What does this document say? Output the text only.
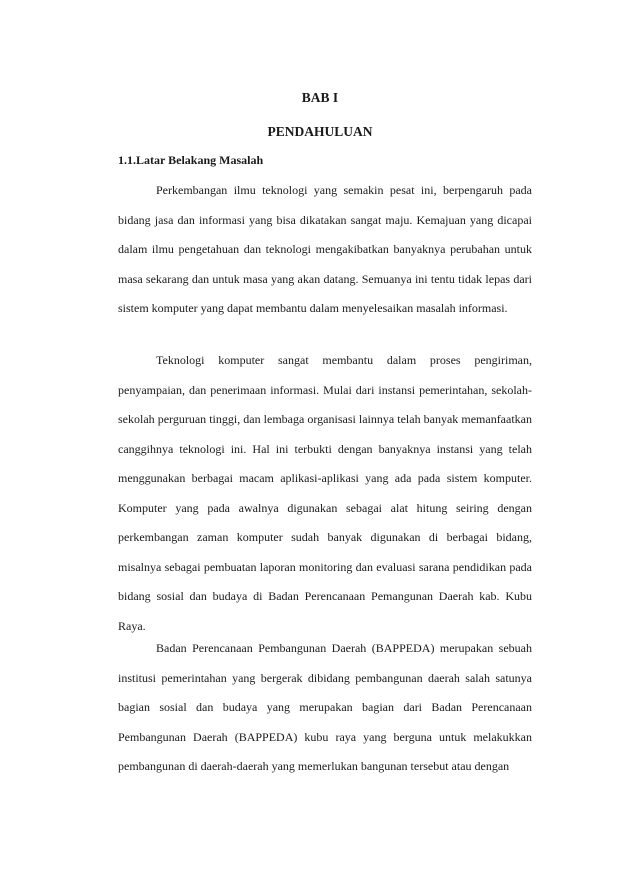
BAB I
PENDAHULUAN
1.1.Latar Belakang Masalah

Perkembangan ilmu teknologi yang semakin pesat ini, berpengaruh pada bidang jasa dan informasi yang bisa dikatakan sangat maju. Kemajuan yang dicapai dalam ilmu pengetahuan dan teknologi mengakibatkan banyaknya perubahan untuk masa sekarang dan untuk masa yang akan datang. Semuanya ini tentu tidak lepas dari sistem komputer yang dapat membantu dalam menyelesaikan masalah informasi.

Teknologi komputer sangat membantu dalam proses pengiriman, penyampaian, dan penerimaan informasi. Mulai dari instansi pemerintahan, sekolah-sekolah perguruan tinggi, dan lembaga organisasi lainnya telah banyak memanfaatkan canggihnya teknologi ini. Hal ini terbukti dengan banyaknya instansi yang telah menggunakan berbagai macam aplikasi-aplikasi yang ada pada sistem komputer. Komputer yang pada awalnya digunakan sebagai alat hitung seiring dengan perkembangan zaman komputer sudah banyak digunakan di berbagai bidang, misalnya sebagai pembuatan laporan monitoring dan evaluasi sarana pendidikan pada bidang sosial dan budaya di Badan Perencanaan Pemangunan Daerah kab. Kubu Raya.

Badan Perencanaan Pembangunan Daerah (BAPPEDA) merupakan sebuah institusi pemerintahan yang bergerak dibidang pembangunan daerah salah satunya bagian sosial dan budaya yang merupakan bagian dari Badan Perencanaan Pembangunan Daerah (BAPPEDA) kubu raya yang berguna untuk melakukkan pembangunan di daerah-daerah yang memerlukan bangunan tersebut atau dengan
